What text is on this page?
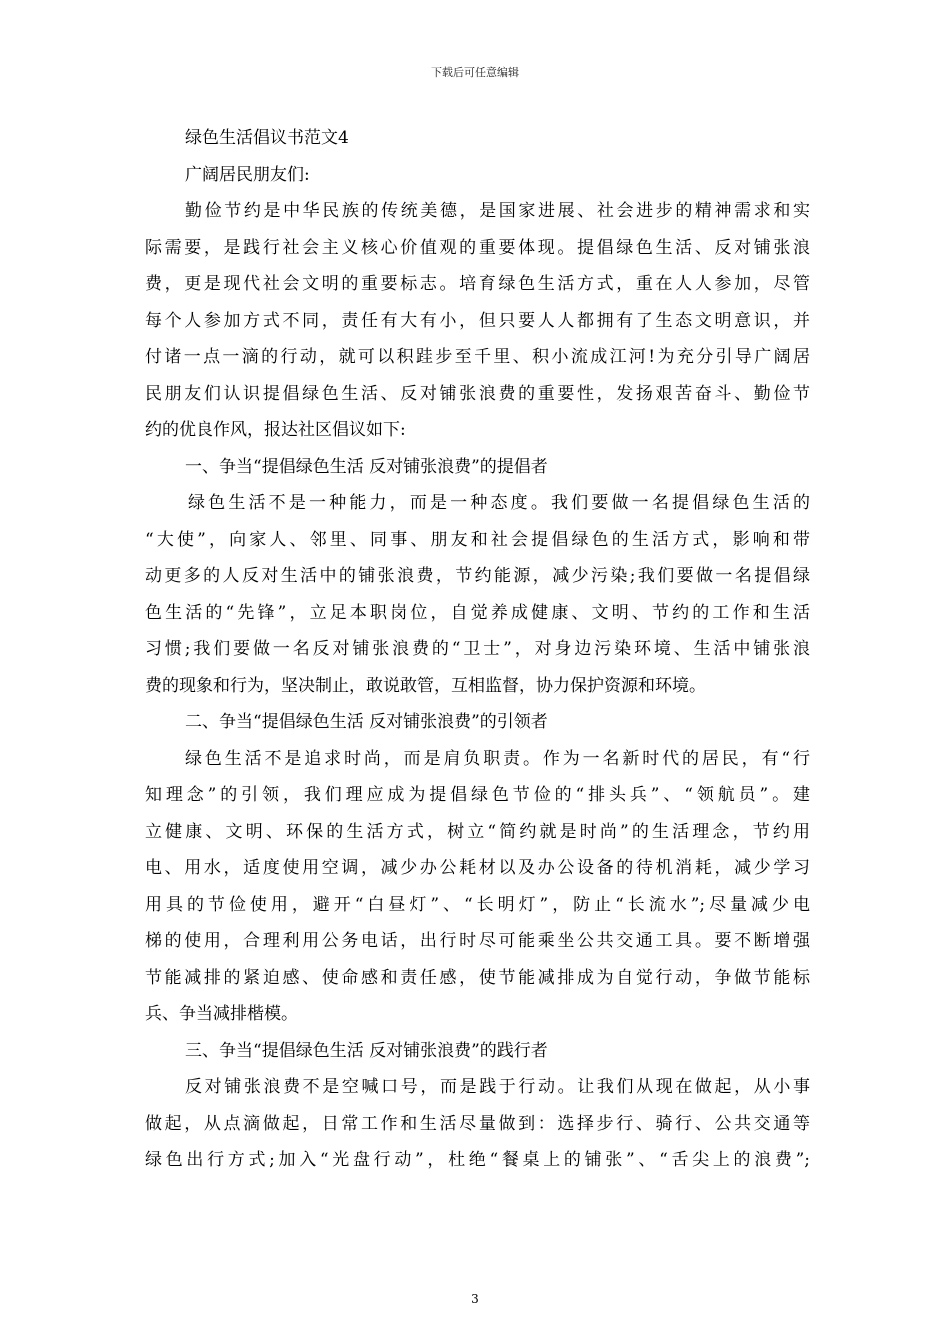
下载后可任意编辑
绿色生活倡议书范文4
广阔居民朋友们:
勤俭节约是中华民族的传统美德，是国家进展、社会进步的精神需求和实
际需要，是践行社会主义核心价值观的重要体现。提倡绿色生活、反对铺张浪
费，更是现代社会文明的重要标志。培育绿色生活方式，重在人人参加，尽管
每个人参加方式不同，责任有大有小，但只要人人都拥有了生态文明意识，并
付诸一点一滴的行动，就可以积跬步至千里、积小流成江河!为充分引导广阔居
民朋友们认识提倡绿色生活、反对铺张浪费的重要性，发扬艰苦奋斗、勤俭节
约的优良作风，报达社区倡议如下:
一、争当“提倡绿色生活 反对铺张浪费”的提倡者
绿色生活不是一种能力，而是一种态度。我们要做一名提倡绿色生活的
“大使”，向家人、邻里、同事、朋友和社会提倡绿色的生活方式，影响和带
动更多的人反对生活中的铺张浪费，节约能源，减少污染;我们要做一名提倡绿
色生活的“先锋”，立足本职岗位，自觉养成健康、文明、节约的工作和生活
习惯;我们要做一名反对铺张浪费的“卫士”，对身边污染环境、生活中铺张浪
费的现象和行为，坚决制止，敢说敢管，互相监督，协力保护资源和环境。
二、争当“提倡绿色生活 反对铺张浪费”的引领者
绿色生活不是追求时尚，而是肩负职责。作为一名新时代的居民，有“行
知理念”的引领，我们理应成为提倡绿色节俭的“排头兵”、“领航员”。建
立健康、文明、环保的生活方式，树立“简约就是时尚”的生活理念，节约用
电、用水，适度使用空调，减少办公耗材以及办公设备的待机消耗，减少学习
用具的节俭使用，避开“白昼灯”、“长明灯”，防止“长流水”;尽量减少电
梯的使用，合理利用公务电话，出行时尽可能乘坐公共交通工具。要不断增强
节能减排的紧迫感、使命感和责任感，使节能减排成为自觉行动，争做节能标
兵、争当减排楷模。
三、争当“提倡绿色生活 反对铺张浪费”的践行者
反对铺张浪费不是空喊口号，而是践于行动。让我们从现在做起，从小事
做起，从点滴做起，日常工作和生活尽量做到：选择步行、骑行、公共交通等
绿色出行方式;加入“光盘行动”，杜绝“餐桌上的铺张”、“舌尖上的浪费”;
3
